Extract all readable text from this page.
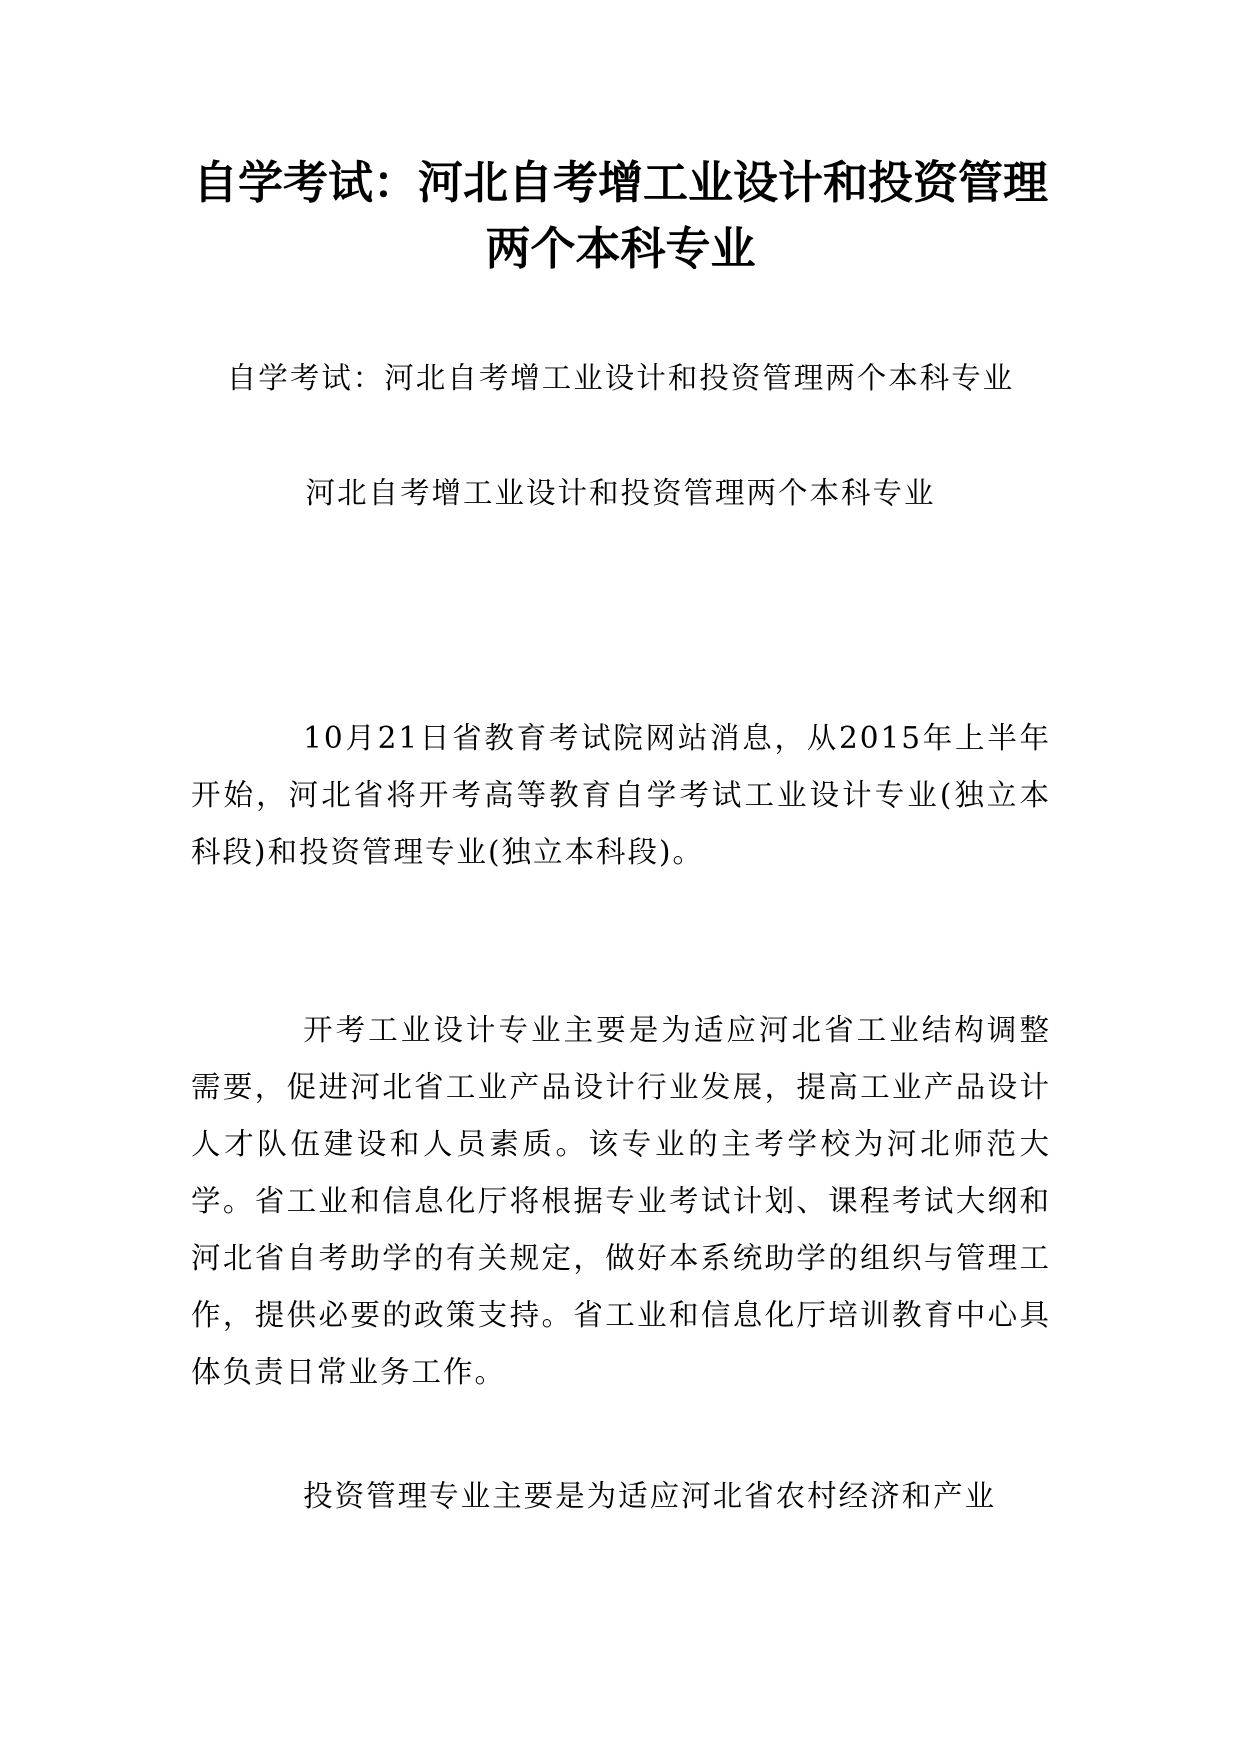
自学考试：河北自考增工业设计和投资管理
两个本科专业

自学考试：河北自考增工业设计和投资管理两个本科专业

河北自考增工业设计和投资管理两个本科专业

10月21日省教育考试院网站消息，从2015年上半年开始，河北省将开考高等教育自学考试工业设计专业(独立本科段)和投资管理专业(独立本科段)。

开考工业设计专业主要是为适应河北省工业结构调整需要，促进河北省工业产品设计行业发展，提高工业产品设计人才队伍建设和人员素质。该专业的主考学校为河北师范大学。省工业和信息化厅将根据专业考试计划、课程考试大纲和河北省自考助学的有关规定，做好本系统助学的组织与管理工作，提供必要的政策支持。省工业和信息化厅培训教育中心具体负责日常业务工作。

投资管理专业主要是为适应河北省农村经济和产业
